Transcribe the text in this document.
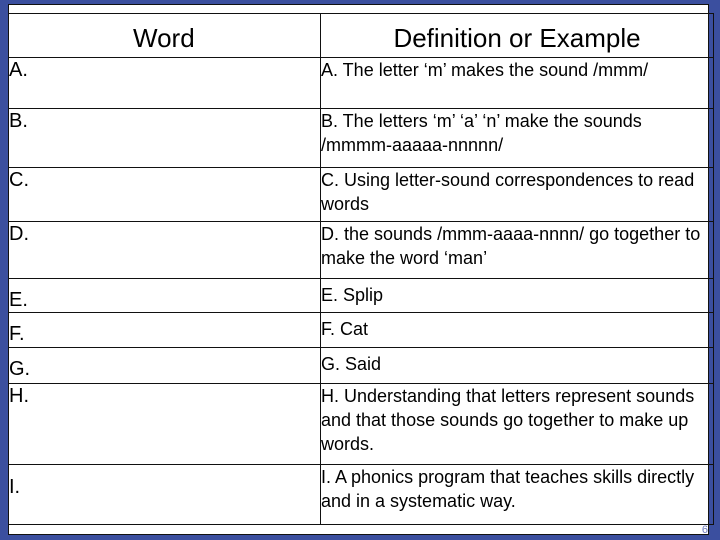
Word	Definition or Example
A.	A. The letter ‘m’ makes the sound /mmm/
B.	B. The letters ‘m’ ‘a’ ‘n’ make the sounds /mmmm-aaaaa-nnnnn/
C.	C. Using letter-sound correspondences to read words
D.	D. the sounds /mmm-aaaa-nnnn/ go together to make the word ‘man’
E.	E. Splip
F.	F. Cat
G.	G. Said
H.	H. Understanding that letters represent sounds and that those sounds go together to make up words.
I.	I. A phonics program that teaches skills directly and in a systematic way.
6
